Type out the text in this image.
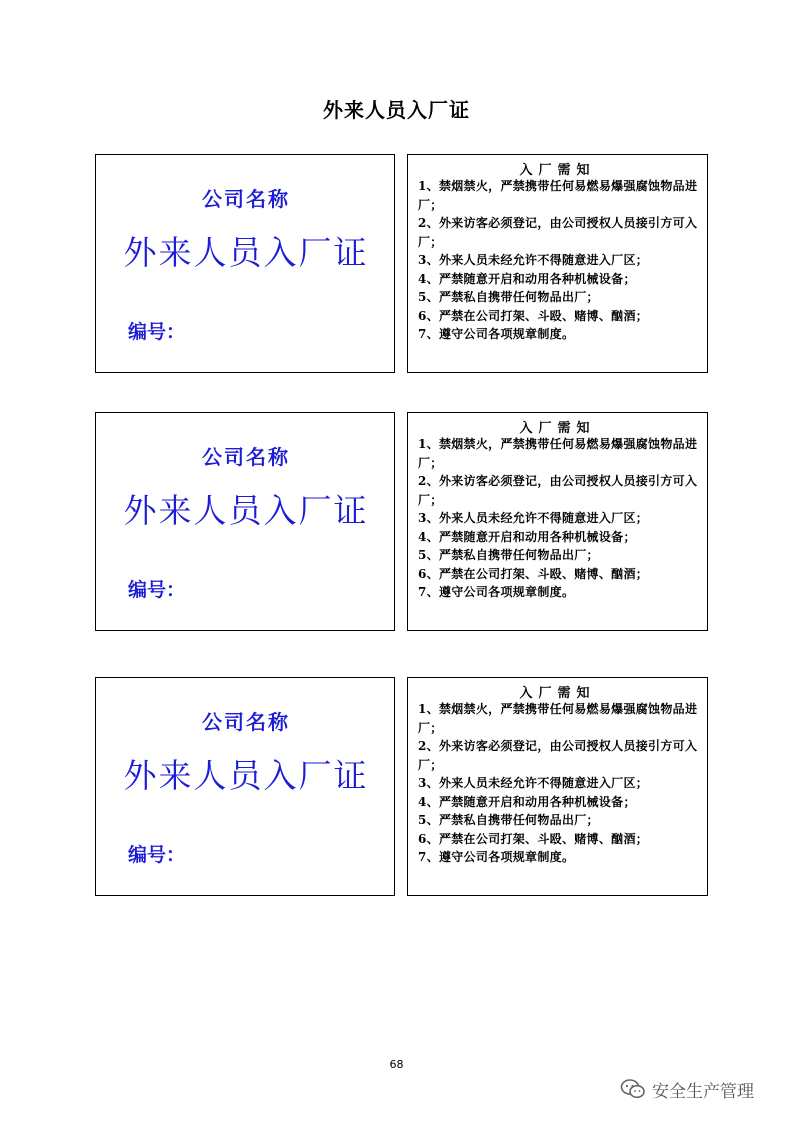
外来人员入厂证
公司名称
外来人员入厂证
编号：
入厂需知
1、禁烟禁火，严禁携带任何易燃易爆强腐蚀物品进厂；
2、外来访客必须登记，由公司授权人员接引方可入厂；
3、外来人员未经允许不得随意进入厂区；
4、严禁随意开启和动用各种机械设备；
5、严禁私自携带任何物品出厂；
6、严禁在公司打架、斗殴、赌博、酗酒；
7、遵守公司各项规章制度。
公司名称
外来人员入厂证
编号：
入厂需知
1、禁烟禁火，严禁携带任何易燃易爆强腐蚀物品进厂；
2、外来访客必须登记，由公司授权人员接引方可入厂；
3、外来人员未经允许不得随意进入厂区；
4、严禁随意开启和动用各种机械设备；
5、严禁私自携带任何物品出厂；
6、严禁在公司打架、斗殴、赌博、酗酒；
7、遵守公司各项规章制度。
公司名称
外来人员入厂证
编号：
入厂需知
1、禁烟禁火，严禁携带任何易燃易爆强腐蚀物品进厂；
2、外来访客必须登记，由公司授权人员接引方可入厂；
3、外来人员未经允许不得随意进入厂区；
4、严禁随意开启和动用各种机械设备；
5、严禁私自携带任何物品出厂；
6、严禁在公司打架、斗殴、赌博、酗酒；
7、遵守公司各项规章制度。
68
安全生产管理
